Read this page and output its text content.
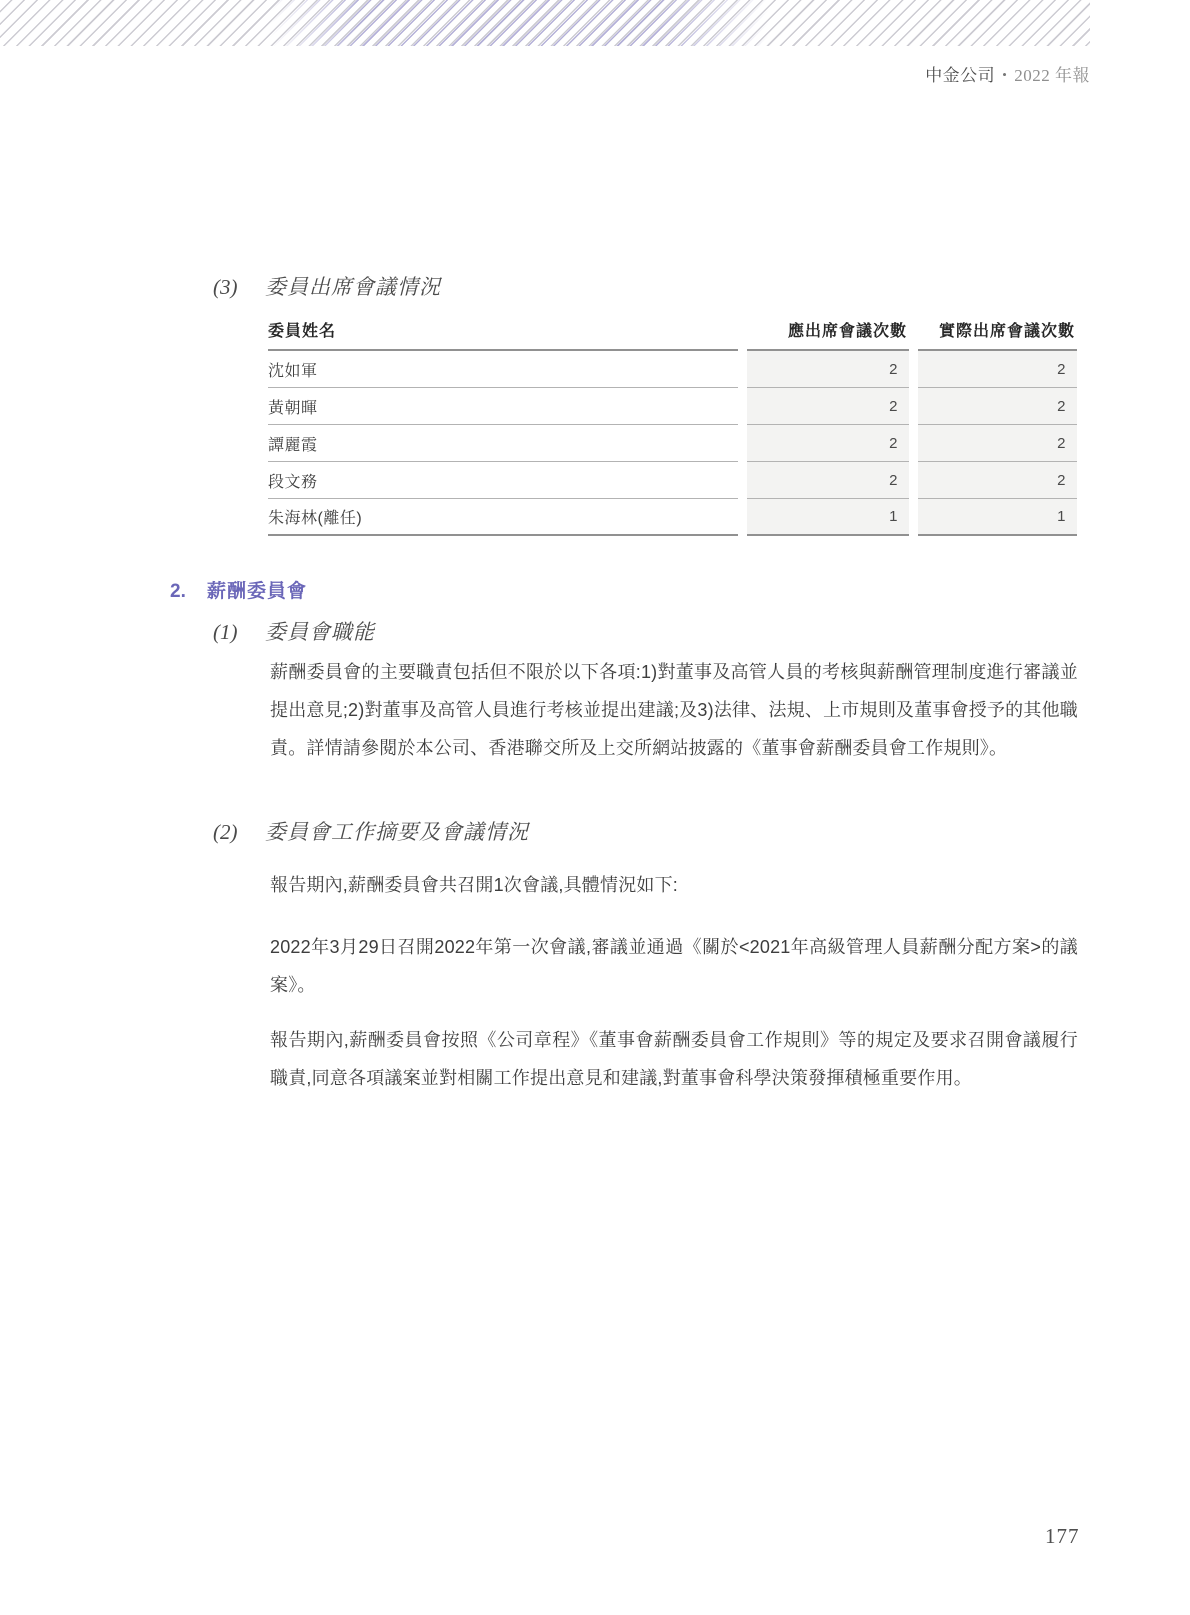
中金公司 • 2022 年報
(3) 委員出席會議情況
委員姓名	應出席會議次數	實際出席會議次數
沈如軍	2	2
黃朝暉	2	2
譚麗霞	2	2
段文務	2	2
朱海林(離任)	1	1
2. 薪酬委員會
(1) 委員會職能
薪酬委員會的主要職責包括但不限於以下各項:1)對董事及高管人員的考核與薪酬管理制度進行審議並提出意見;2)對董事及高管人員進行考核並提出建議;及3)法律、法規、上市規則及董事會授予的其他職責。詳情請參閱於本公司、香港聯交所及上交所網站披露的《董事會薪酬委員會工作規則》。
(2) 委員會工作摘要及會議情況
報告期內,薪酬委員會共召開1次會議,具體情況如下:
2022年3月29日召開2022年第一次會議,審議並通過《關於<2021年高級管理人員薪酬分配方案>的議案》。
報告期內,薪酬委員會按照《公司章程》《董事會薪酬委員會工作規則》等的規定及要求召開會議履行職責,同意各項議案並對相關工作提出意見和建議,對董事會科學決策發揮積極重要作用。
177
